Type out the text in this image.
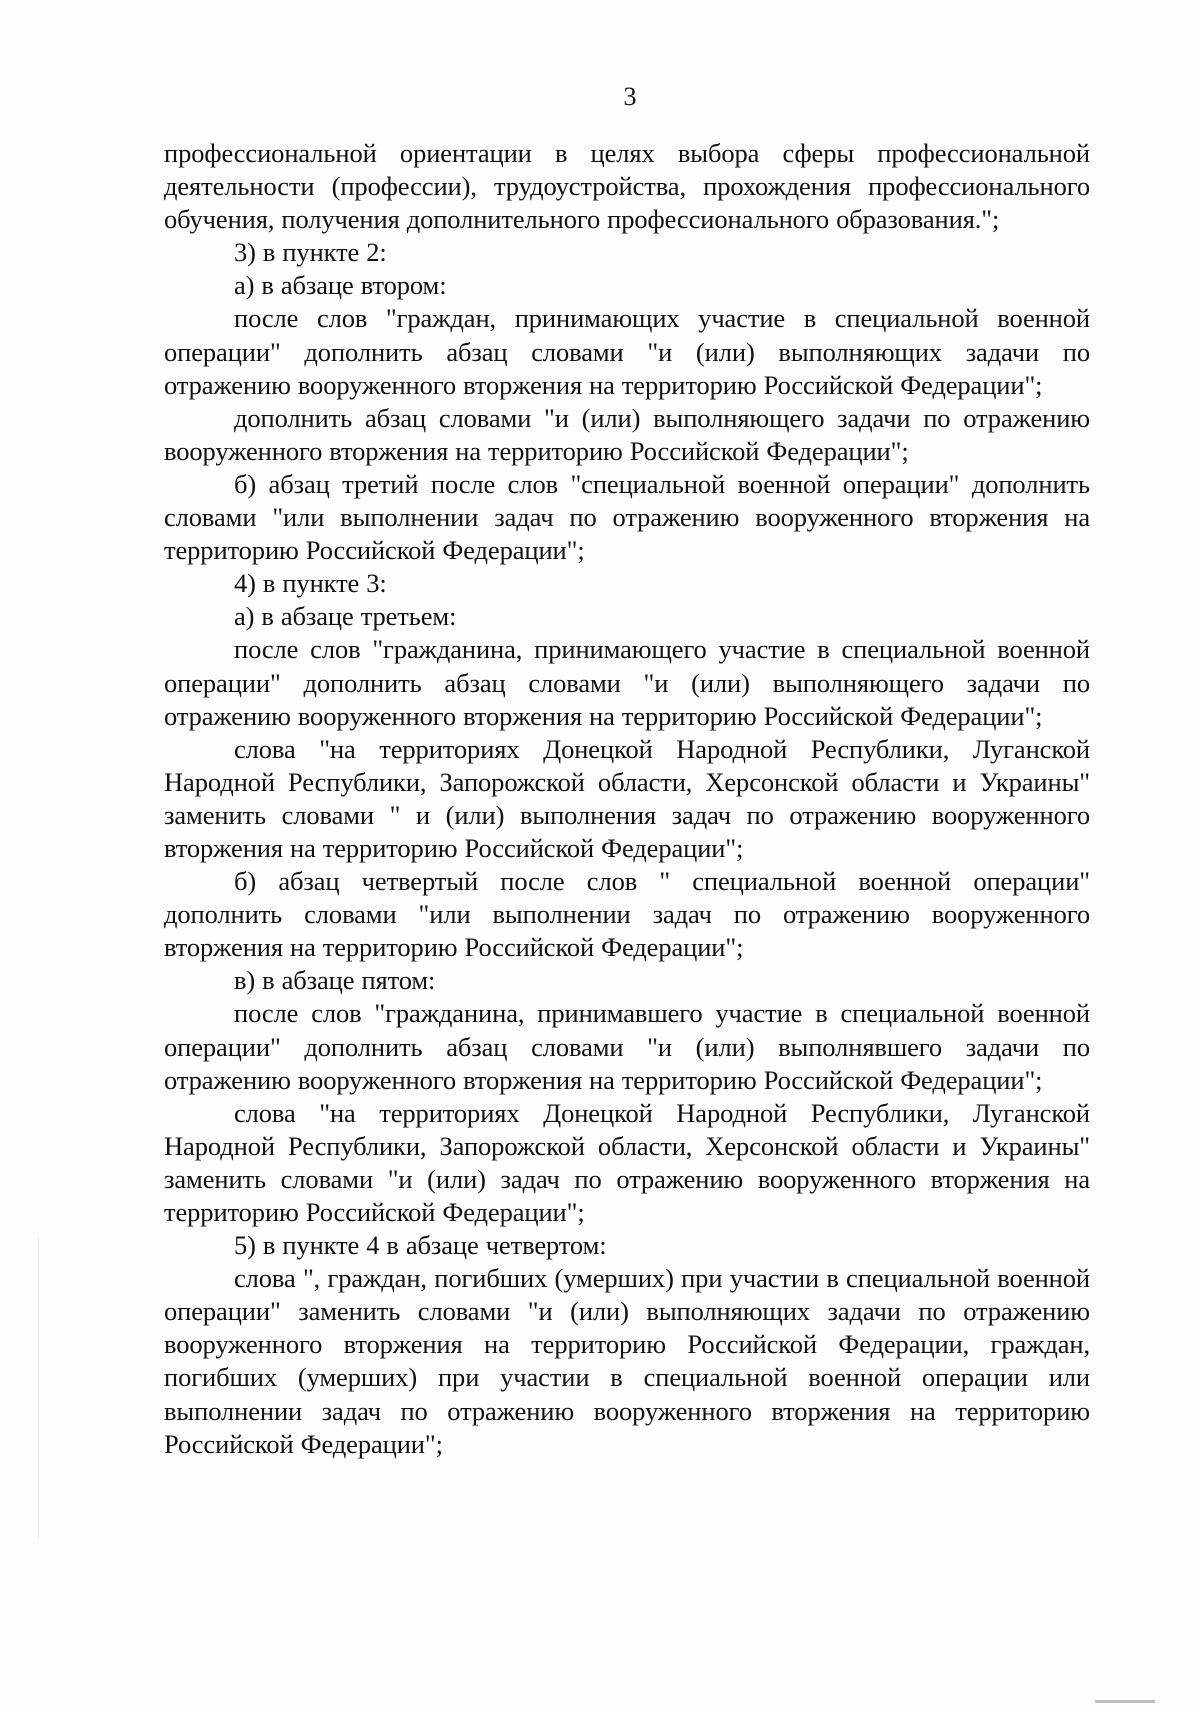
3

профессиональной ориентации в целях выбора сферы профессиональной деятельности (профессии), трудоустройства, прохождения профессионального обучения, получения дополнительного профессионального образования.";

3) в пункте 2:

а) в абзаце втором:

после слов "граждан, принимающих участие в специальной военной операции" дополнить абзац словами "и (или) выполняющих задачи по отражению вооруженного вторжения на территорию Российской Федерации";

дополнить абзац словами "и (или) выполняющего задачи по отражению вооруженного вторжения на территорию Российской Федерации";

б) абзац третий после слов "специальной военной операции" дополнить словами "или выполнении задач по отражению вооруженного вторжения на территорию Российской Федерации";

4) в пункте 3:

а) в абзаце третьем:

после слов "гражданина, принимающего участие в специальной военной операции" дополнить абзац словами "и (или) выполняющего задачи по отражению вооруженного вторжения на территорию Российской Федерации";

слова "на территориях Донецкой Народной Республики, Луганской Народной Республики, Запорожской области, Херсонской области и Украины" заменить словами " и (или) выполнения задач по отражению вооруженного вторжения на территорию Российской Федерации";

б) абзац четвертый после слов " специальной военной операции" дополнить словами "или выполнении задач по отражению вооруженного вторжения на территорию Российской Федерации";

в) в абзаце пятом:

после слов "гражданина, принимавшего участие в специальной военной операции" дополнить абзац словами "и (или) выполнявшего задачи по отражению вооруженного вторжения на территорию Российской Федерации";

слова "на территориях Донецкой Народной Республики, Луганской Народной Республики, Запорожской области, Херсонской области и Украины" заменить словами "и (или) задач по отражению вооруженного вторжения на территорию Российской Федерации";

5) в пункте 4 в абзаце четвертом:

слова ", граждан, погибших (умерших) при участии в специальной военной операции" заменить словами "и (или) выполняющих задачи по отражению вооруженного вторжения на территорию Российской Федерации, граждан, погибших (умерших) при участии в специальной военной операции или выполнении задач по отражению вооруженного вторжения на территорию Российской Федерации";
